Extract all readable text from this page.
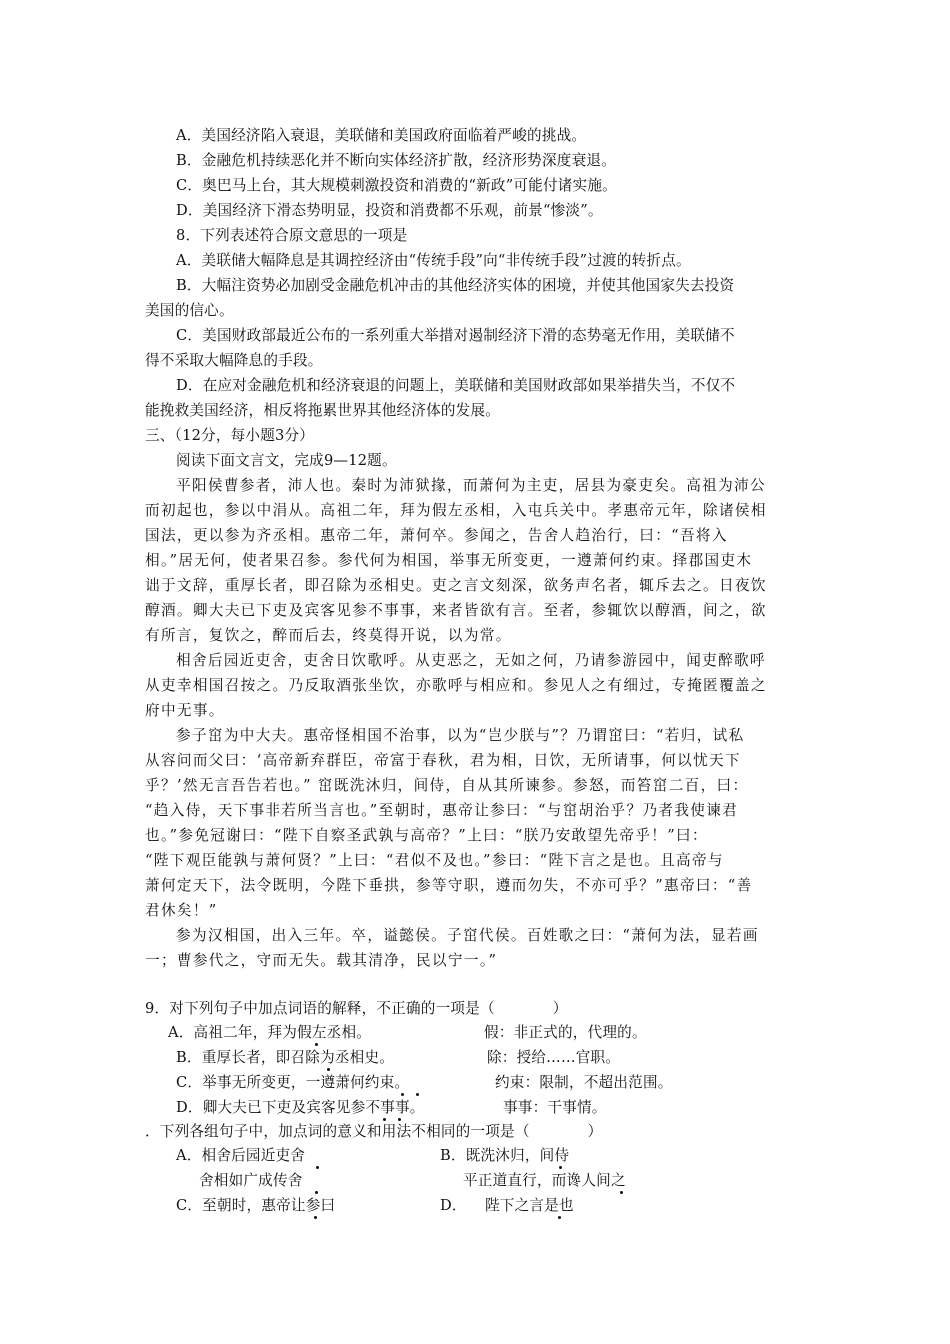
A．美国经济陷入衰退，美联储和美国政府面临着严峻的挑战。
B．金融危机持续恶化并不断向实体经济扩散，经济形势深度衰退。
C．奥巴马上台，其大规模刺激投资和消费的“新政”可能付诸实施。
D．美国经济下滑态势明显，投资和消费都不乐观，前景“惨淡”。
8．下列表述符合原文意思的一项是
A．美联储大幅降息是其调控经济由“传统手段”向“非传统手段”过渡的转折点。
B．大幅注资势必加剧受金融危机冲击的其他经济实体的困境，并使其他国家失去投资
美国的信心。
C．美国财政部最近公布的一系列重大举措对遏制经济下滑的态势毫无作用，美联储不
得不采取大幅降息的手段。
D．在应对金融危机和经济衰退的问题上，美联储和美国财政部如果举措失当，不仅不
能挽救美国经济，相反将拖累世界其他经济体的发展。
三、（12分，每小题3分）
阅读下面文言文，完成9—12题。
平阳侯曹参者，沛人也。秦时为沛狱掾，而萧何为主吏，居县为豪吏矣。高祖为沛公
而初起也，参以中涓从。高祖二年，拜为假左丞相，入屯兵关中。孝惠帝元年，除诸侯相
国法，更以参为齐丞相。惠帝二年，萧何卒。参闻之，告舍人趋治行，曰：“吾将入
相。”居无何，使者果召参。参代何为相国，举事无所变更，一遵萧何约束。择郡国吏木
诎于文辞，重厚长者，即召除为丞相史。吏之言文刻深，欲务声名者，辄斥去之。日夜饮
醇酒。卿大夫已下吏及宾客见参不事事，来者皆欲有言。至者，参辄饮以醇酒，间之，欲
有所言，复饮之，醉而后去，终莫得开说，以为常。
相舍后园近吏舍，吏舍日饮歌呼。从吏恶之，无如之何，乃请参游园中，闻吏醉歌呼
从吏幸相国召按之。乃反取酒张坐饮，亦歌呼与相应和。参见人之有细过，专掩匿覆盖之
府中无事。
参子窋为中大夫。惠帝怪相国不治事，以为“岂少朕与”？乃谓窋曰：“若归，试私
从容问而父曰：‘高帝新弃群臣，帝富于春秋，君为相，日饮，无所请事，何以忧天下
乎？’然无言吾告若也。” 窋既洗沐归，间侍，自从其所谏参。参怒，而笞窋二百，曰：
“趋入侍，天下事非若所当言也。”至朝时，惠帝让参曰：“与窋胡治乎？乃者我使谏君
也。”参免冠谢曰：“陛下自察圣武孰与高帝？”上曰：“朕乃安敢望先帝乎！”曰：
“陛下观臣能孰与萧何贤？”上曰：“君似不及也。”参曰：“陛下言之是也。且高帝与
萧何定天下，法令既明，今陛下垂拱，参等守职，遵而勿失，不亦可乎？”惠帝曰：“善
君休矣！”
参为汉相国，出入三年。卒，谥懿侯。子窋代侯。百姓歌之曰：“萧何为法，显若画
一；曹参代之，守而无失。载其清净，民以宁一。”
9．对下列句子中加点词语的解释，不正确的一项是（	）
A．高祖二年，拜为假左丞相。	假：非正式的，代理的。
B．重厚长者，即召除为丞相史。	除：授给……官职。
C．举事无所变更，一遵萧何约束。	约束：限制，不超出范围。
D．卿大夫已下吏及宾客见参不事事。	事事：干事情。
．下列各组句子中，加点词的意义和用法不相同的一项是（	）
A．相舍后园近吏舍	B．既洗沐归，间侍
舍相如广成传舍	平正道直行，而谗人间之
C．至朝时，惠帝让参曰	D． 陛下之言是也
